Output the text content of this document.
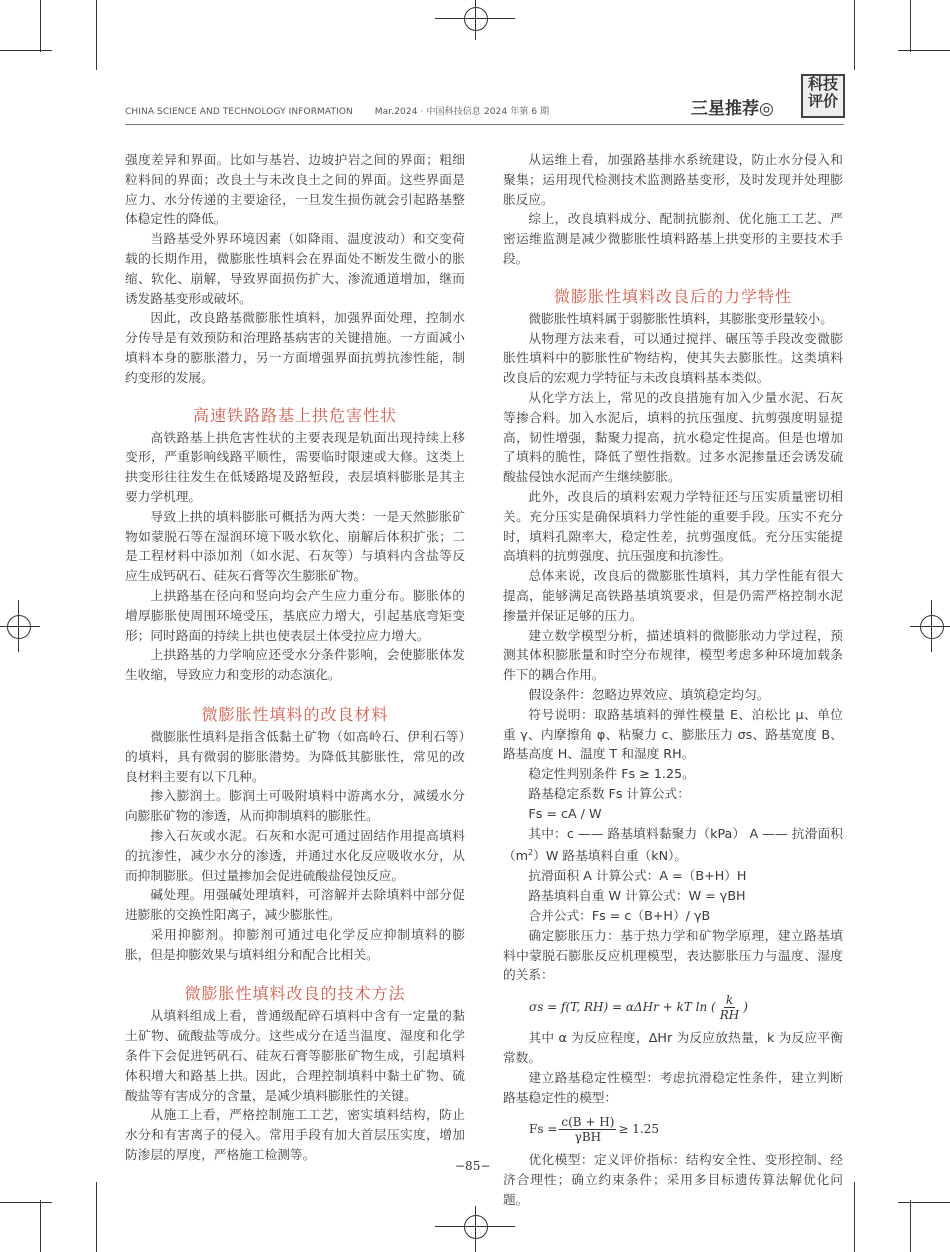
CHINA SCIENCE AND TECHNOLOGY INFORMATION Mar.2024 · 中国科技信息 2024 年第 6 期	三星推荐◎
科技
评价

强度差异和界面。比如与基岩、边坡护岩之间的界面；粗细粒料间的界面；改良土与未改良土之间的界面。这些界面是应力、水分传递的主要途径，一旦发生损伤就会引起路基整体稳定性的降低。

当路基受外界环境因素（如降雨、温度波动）和交变荷载的长期作用，微膨胀性填料会在界面处不断发生微小的胀缩、软化、崩解，导致界面损伤扩大、渗流通道增加，继而诱发路基变形或破坏。

因此，改良路基微膨胀性填料，加强界面处理，控制水分传导是有效预防和治理路基病害的关键措施。一方面减小填料本身的膨胀潜力，另一方面增强界面抗剪抗渗性能，制约变形的发展。

高速铁路路基上拱危害性状

高铁路基上拱危害性状的主要表现是轨面出现持续上移变形，严重影响线路平顺性，需要临时限速或大修。这类上拱变形往往发生在低矮路堤及路堑段，表层填料膨胀是其主要力学机理。

导致上拱的填料膨胀可概括为两大类：一是天然膨胀矿物如蒙脱石等在湿润环境下吸水软化、崩解后体积扩张；二是工程材料中添加剂（如水泥、石灰等）与填料内含盐等反应生成钙矾石、硅灰石膏等次生膨胀矿物。

上拱路基在径向和竖向均会产生应力重分布。膨胀体的增厚膨胀使周围环境受压，基底应力增大，引起基底弯矩变形；同时路面的持续上拱也使表层土体受拉应力增大。

上拱路基的力学响应还受水分条件影响，会使膨胀体发生收缩，导致应力和变形的动态演化。

微膨胀性填料的改良材料

微膨胀性填料是指含低黏土矿物（如高岭石、伊利石等）的填料，具有微弱的膨胀潜势。为降低其膨胀性，常见的改良材料主要有以下几种。

掺入膨润土。膨润土可吸附填料中游离水分，减缓水分向膨胀矿物的渗透，从而抑制填料的膨胀性。

掺入石灰或水泥。石灰和水泥可通过固结作用提高填料的抗渗性，减少水分的渗透，并通过水化反应吸收水分，从而抑制膨胀。但过量掺加会促进硫酸盐侵蚀反应。

碱处理。用强碱处理填料，可溶解并去除填料中部分促进膨胀的交换性阳离子，减少膨胀性。

采用抑膨剂。抑膨剂可通过电化学反应抑制填料的膨胀，但是抑膨效果与填料组分和配合比相关。

微膨胀性填料改良的技术方法

从填料组成上看，普通级配碎石填料中含有一定量的黏土矿物、硫酸盐等成分。这些成分在适当温度、湿度和化学条件下会促进钙矾石、硅灰石膏等膨胀矿物生成，引起填料体积增大和路基上拱。因此，合理控制填料中黏土矿物、硫酸盐等有害成分的含量，是减少填料膨胀性的关键。

从施工上看，严格控制施工工艺，密实填料结构，防止水分和有害离子的侵入。常用手段有加大首层压实度，增加防渗层的厚度，严格施工检测等。

从运维上看，加强路基排水系统建设，防止水分侵入和聚集；运用现代检测技术监测路基变形，及时发现并处理膨胀反应。

综上，改良填料成分、配制抗膨剂、优化施工工艺、严密运维监测是减少微膨胀性填料路基上拱变形的主要技术手段。

微膨胀性填料改良后的力学特性

微膨胀性填料属于弱膨胀性填料，其膨胀变形量较小。

从物理方法来看，可以通过搅拌、碾压等手段改变微膨胀性填料中的膨胀性矿物结构，使其失去膨胀性。这类填料改良后的宏观力学特征与未改良填料基本类似。

从化学方法上，常见的改良措施有加入少量水泥、石灰等掺合料。加入水泥后，填料的抗压强度、抗剪强度明显提高，韧性增强，黏聚力提高，抗水稳定性提高。但是也增加了填料的脆性，降低了塑性指数。过多水泥掺量还会诱发硫酸盐侵蚀水泥而产生继续膨胀。

此外，改良后的填料宏观力学特征还与压实质量密切相关。充分压实是确保填料力学性能的重要手段。压实不充分时，填料孔隙率大，稳定性差，抗剪强度低。充分压实能提高填料的抗剪强度、抗压强度和抗渗性。

总体来说，改良后的微膨胀性填料，其力学性能有很大提高，能够满足高铁路基填筑要求，但是仍需严格控制水泥掺量并保证足够的压力。

建立数学模型分析，描述填料的微膨胀动力学过程，预测其体积膨胀量和时空分布规律，模型考虑多种环境加载条件下的耦合作用。

假设条件：忽略边界效应、填筑稳定均匀。

符号说明：取路基填料的弹性模量 E、泊松比 μ、单位重 γ、内摩擦角 φ、粘聚力 c、膨胀压力 σs、路基宽度 B、路基高度 H、温度 T 和湿度 RH。

稳定性判别条件 Fs ≥ 1.25。

路基稳定系数 Fs 计算公式：

Fs = cA / W

其中：c —— 路基填料黏聚力（kPa） A —— 抗滑面积$(m^2)W$ 路基填料自重（kN）。

抗滑面积 A 计算公式：A =（B+H）H

路基填料自重 W 计算公式：W = γBH

合并公式：Fs = c（B+H）/ γB

确定膨胀压力：基于热力学和矿物学原理，建立路基填料中蒙脱石膨胀反应机理模型，表达膨胀压力与温度、湿度的关系：

σs = f(T, RH) = αΔHr + kT ln ( $\frac{k}{RH}$ )

其中 α 为反应程度，ΔHr 为反应放热量，k 为反应平衡常数。

建立路基稳定性模型：考虑抗滑稳定性条件，建立判断路基稳定性的模型：

$Fs = \frac{c(B + H)}{\text{γBH}} \ge 1.25$

优化模型：定义评价指标：结构安全性、变形控制、经济合理性；确立约束条件；采用多目标遗传算法解优化问题。

−85−
